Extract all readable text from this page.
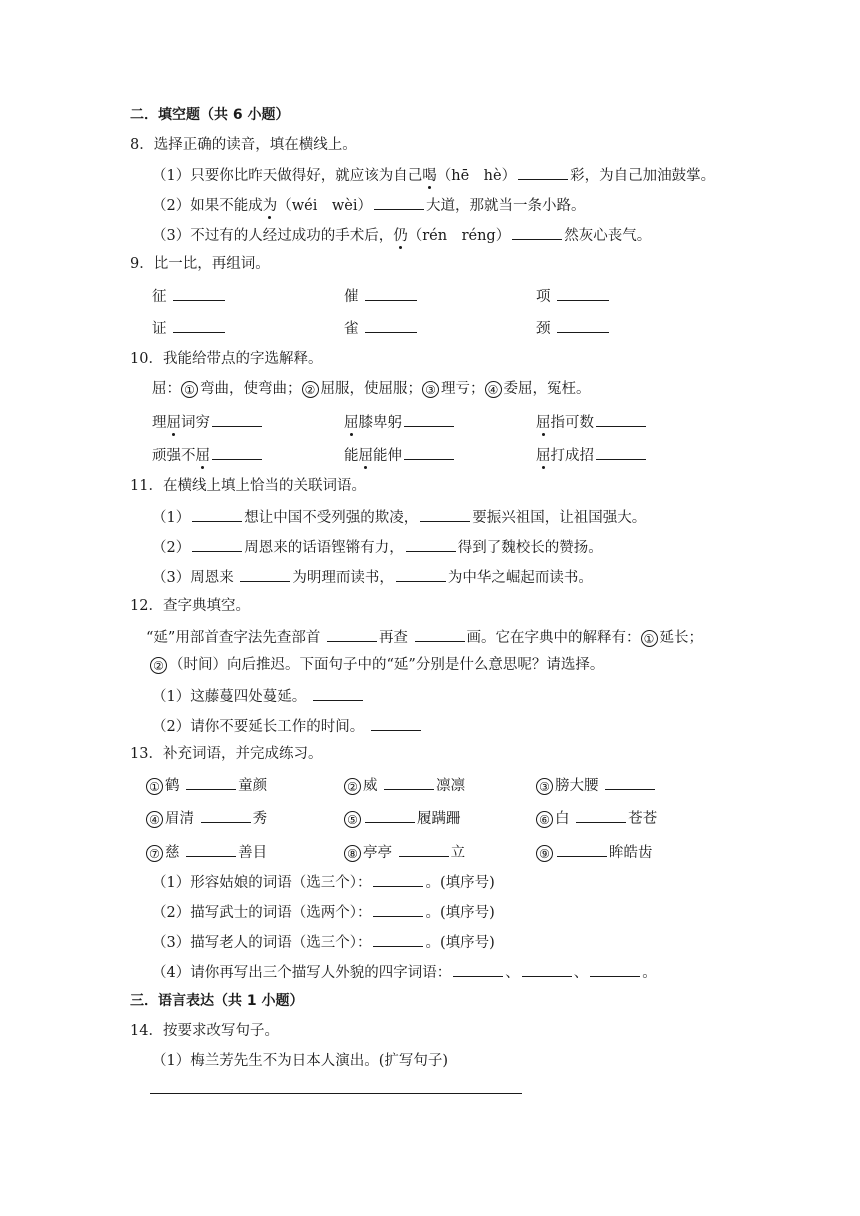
二．填空题（共 6 小题）
8．选择正确的读音，填在横线上。
（1）只要你比昨天做得好，就应该为自己喝（hē　hè）	彩，为自己加油鼓掌。
（2）如果不能成为（wéi　wèi）	大道，那就当一条小路。
（3）不过有的人经过成功的手术后，仍（rén　réng）	然灰心丧气。
9．比一比，再组词。
征	催	项
证	雀	颈
10．我能给带点的字选解释。
屈： ① 弯曲，使弯曲； ② 屈服，使屈服； ③ 理亏； ④ 委屈，冤枉。
理屈词穷	屈膝卑躬	屈指可数
顽强不屈	能屈能伸	屈打成招
11．在横线上填上恰当的关联词语。
（1）	想让中国不受列强的欺凌，	要振兴祖国，让祖国强大。
（2）	周恩来的话语铿锵有力，	得到了魏校长的赞扬。
（3）周恩来	为明理而读书，	为中华之崛起而读书。
12．查字典填空。
“延”用部首查字法先查部首	再查	画。它在字典中的解释有： ① 延长；
② （时间）向后推迟。下面句子中的“延”分别是什么意思呢？请选择。
（1）这藤蔓四处蔓延。
（2）请你不要延长工作的时间。
13．补充词语，并完成练习。
① 鹤	童颜	② 威	凛凛	③ 膀大腰
④ 眉清	秀	⑤	履蹒跚	⑥ 白	苍苍
⑦ 慈	善目	⑧ 亭亭	立	⑨	眸皓齿
（1）形容姑娘的词语（选三个）：	。(填序号)
（2）描写武士的词语（选两个）：	。(填序号)
（3）描写老人的词语（选三个）：	。(填序号)
（4）请你再写出三个描写人外貌的四字词语：	、	、	。
三．语言表达（共 1 小题）
14．按要求改写句子。
（1）梅兰芳先生不为日本人演出。(扩写句子)
